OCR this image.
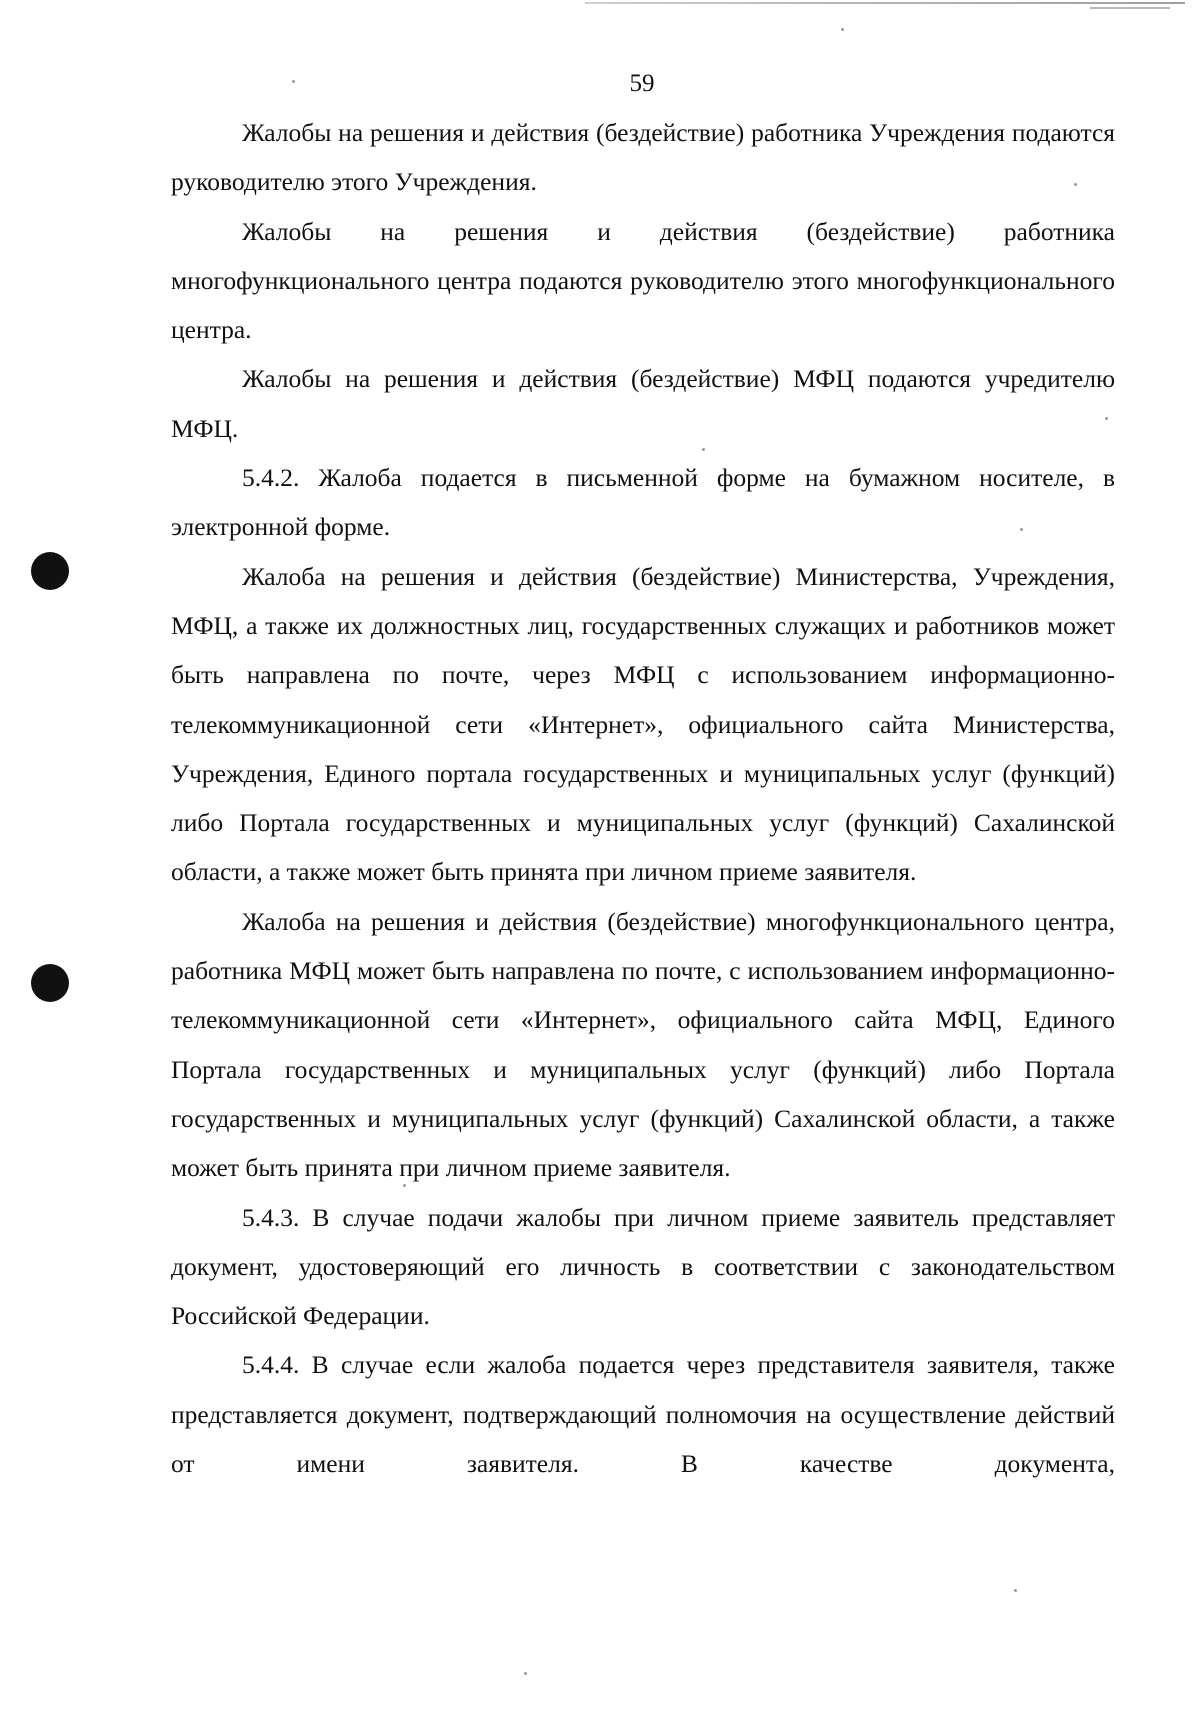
59

Жалобы на решения и действия (бездействие) работника Учреждения подаются руководителю этого Учреждения.

Жалобы на решения и действия (бездействие) работника многофункционального центра подаются руководителю этого многофункционального центра.

Жалобы на решения и действия (бездействие) МФЦ подаются учредителю МФЦ.

5.4.2. Жалоба подается в письменной форме на бумажном носителе, в электронной форме.

Жалоба на решения и действия (бездействие) Министерства, Учреждения, МФЦ, а также их должностных лиц, государственных служащих и работников может быть направлена по почте, через МФЦ с использованием информационно-телекоммуникационной сети «Интернет», официального сайта Министерства, Учреждения, Единого портала государственных и муниципальных услуг (функций) либо Портала государственных и муниципальных услуг (функций) Сахалинской области, а также может быть принята при личном приеме заявителя.

Жалоба на решения и действия (бездействие) многофункционального центра, работника МФЦ может быть направлена по почте, с использованием информационно-телекоммуникационной сети «Интернет», официального сайта МФЦ, Единого Портала государственных и муниципальных услуг (функций) либо Портала государственных и муниципальных услуг (функций) Сахалинской области, а также может быть принята при личном приеме заявителя.

5.4.3. В случае подачи жалобы при личном приеме заявитель представляет документ, удостоверяющий его личность в соответствии с законодательством Российской Федерации.

5.4.4. В случае если жалоба подается через представителя заявителя, также представляется документ, подтверждающий полномочия на осуществление действий от имени заявителя. В качестве документа,
